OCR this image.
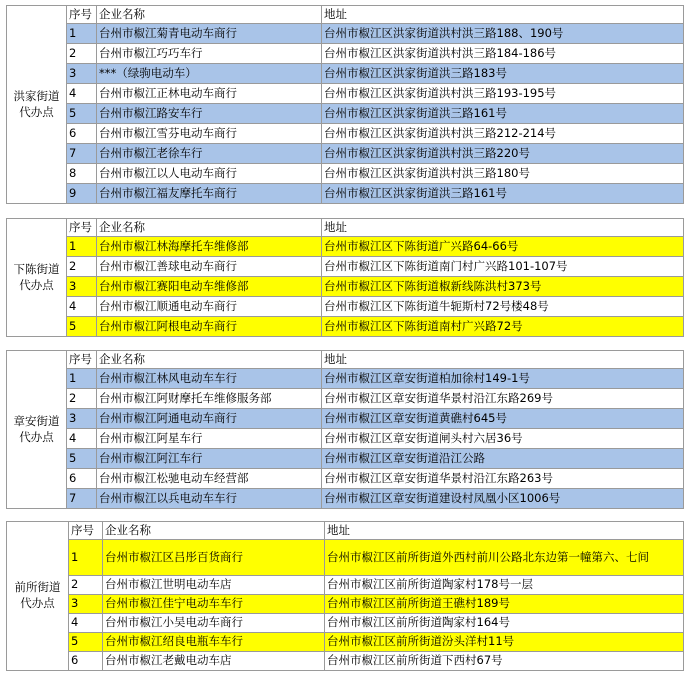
洪家街道代办点	序号	企业名称	地址
	1	台州市椒江菊青电动车商行	台州市椒江区洪家街道洪村洪三路188、190号
	2	台州市椒江巧巧车行	台州市椒江区洪家街道洪村洪三路184-186号
	3	***（绿驹电动车）	台州市椒江区洪家街道洪三路183号
	4	台州市椒江正林电动车商行	台州市椒江区洪家街道洪村洪三路193-195号
	5	台州市椒江路安车行	台州市椒江区洪家街道洪三路161号
	6	台州市椒江雪芬电动车商行	台州市椒江区洪家街道洪村洪三路212-214号
	7	台州市椒江老徐车行	台州市椒江区洪家街道洪村洪三路220号
	8	台州市椒江以人电动车商行	台州市椒江区洪家街道洪村洪三路180号
	9	台州市椒江福友摩托车商行	台州市椒江区洪家街道洪三路161号
下陈街道代办点	序号	企业名称	地址
	1	台州市椒江林海摩托车维修部	台州市椒江区下陈街道广兴路64-66号
	2	台州市椒江善球电动车商行	台州市椒江区下陈街道南门村广兴路101-107号
	3	台州市椒江赛阳电动车维修部	台州市椒江区下陈街道椒新线陈洪村373号
	4	台州市椒江顺通电动车商行	台州市椒江区下陈街道牛轭斯村72号楼48号
	5	台州市椒江阿根电动车商行	台州市椒江区下陈街道南村广兴路72号
章安街道代办点	序号	企业名称	地址
	1	台州市椒江林风电动车车行	台州市椒江区章安街道柏加徐村149-1号
	2	台州市椒江阿财摩托车维修服务部	台州市椒江区章安街道华景村沿江东路269号
	3	台州市椒江阿通电动车商行	台州市椒江区章安街道黄礁村645号
	4	台州市椒江阿星车行	台州市椒江区章安街道闸头村六居36号
	5	台州市椒江阿江车行	台州市椒江区章安街道沿江公路
	6	台州市椒江松驰电动车经营部	台州市椒江区章安街道华景村沿江东路263号
	7	台州市椒江以兵电动车车行	台州市椒江区章安街道建设村凤凰小区1006号
前所街道代办点	序号	企业名称	地址
	1	台州市椒江区吕彤百货商行	台州市椒江区前所街道外西村前川公路北东边第一幢第六、七间
	2	台州市椒江世明电动车店	台州市椒江区前所街道陶家村178号一层
	3	台州市椒江佳宁电动车车行	台州市椒江区前所街道王礁村189号
	4	台州市椒江小吴电动车商行	台州市椒江区前所街道陶家村164号
	5	台州市椒江绍良电瓶车车行	台州市椒江区前所街道汾头洋村11号
	6	台州市椒江老戴电动车店	台州市椒江区前所街道下西村67号
